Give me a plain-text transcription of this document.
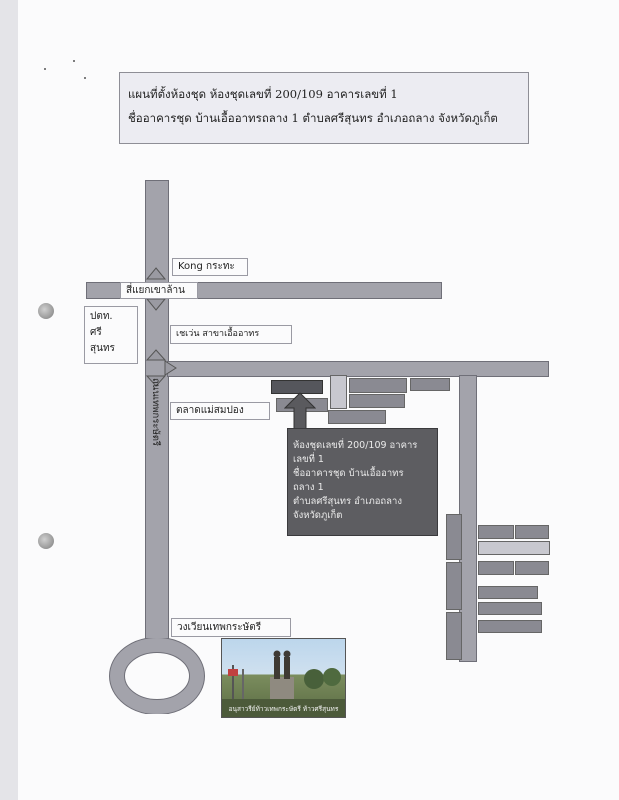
แผนที่ตั้งห้องชุด ห้องชุดเลขที่ 200/109 อาคารเลขที่ 1
ชื่ออาคารชุด บ้านเอื้ออาทรถลาง 1 ตำบลศรีสุนทร อำเภอถลาง จังหวัดภูเก็ต
Kong กระทะ
สี่แยกเขาล้าน
ปตท.
ศรี
สุนทร
เชเว่น สาขาเอื้ออาทร
ตลาดแม่สมปอง
ถนนเทพกระษัตรี
วงเวียนเทพกระษัตรี
ห้องชุดเลขที่ 200/109 อาคาร
เลขที่ 1
ชื่ออาคารชุด บ้านเอื้ออาทร
ถลาง 1
ตำบลศรีสุนทร อำเภอถลาง
จังหวัดภูเก็ต
อนุสาวรีย์ท้าวเทพกระษัตรี ท้าวศรีสุนทร
